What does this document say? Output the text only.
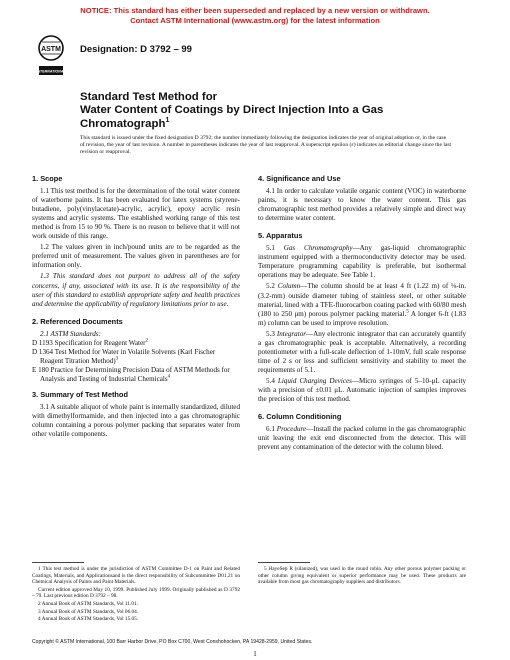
NOTICE: This standard has either been superseded and replaced by a new version or withdrawn.
Contact ASTM International (www.astm.org) for the latest information
ASTM
INTERNATIONAL
Designation: D 3792 – 99
Standard Test Method for
Water Content of Coatings by Direct Injection Into a Gas
Chromatograph$^1$
This standard is issued under the fixed designation D 3792; the number immediately following the designation indicates the year of original adoption or, in the case of revision, the year of last revision. A number in parentheses indicates the year of last reapproval. A superscript epsilon (ε) indicates an editorial change since the last revision or reapproval.
1. Scope

1.1 This test method is for the determination of the total water content of waterborne paints. It has been evaluated for latex systems (styrene-butadiene, poly(vinylacetate)-acrylic, acrylic), epoxy acrylic resin systems and acrylic systems. The established working range of this test method is from 15 to 90 %. There is no reason to believe that it will not work outside of this range.

1.2 The values given in inch/pound units are to be regarded as the preferred unit of measurement. The values given in parentheses are for information only.

1.3 This standard does not purport to address all of the safety concerns, if any, associated with its use. It is the responsibility of the user of this standard to establish appropriate safety and health practices and determine the applicability of regulatory limitations prior to use.

2. Referenced Documents

2.1 ASTM Standards:

D 1193 Specification for Reagent Water$^2$

D 1364 Test Method for Water in Volatile Solvents (Karl Fischer Reagent Titration Method)$^3$

E 180 Practice for Determining Precision Data of ASTM Methods for Analysis and Testing of Industrial Chemicals$^4$

3. Summary of Test Method

3.1 A suitable aliquot of whole paint is internally standardized, diluted with dimethylformamide, and then injected into a gas chromatographic column containing a porous polymer packing that separates water from other volatile components.

1 This test method is under the jurisdiction of ASTM Committee D-1 on Paint and Related Coatings, Materials, and Applicationsand is the direct responsibility of Subcommittee D01.21 on Chemical Analysis of Paints and Paint Materials.

Current edition approved May 10, 1999. Published July 1999. Originally published as D 3792 – 79. Last previous edition D 3792 – 98.

2 Annual Book of ASTM Standards, Vol 11.01.

3 Annual Book of ASTM Standards, Vol 06.04.

4 Annual Book of ASTM Standards, Vol 15.05.

4. Significance and Use

4.1 In order to calculate volatile organic content (VOC) in waterborne paints, it is necessary to know the water content. This gas chromatographic test method provides a relatively simple and direct way to determine water content.

5. Apparatus

5.1 Gas Chromatography—Any gas-liquid chromatographic instrument equipped with a thermoconductivity detector may be used. Temperature programming capability is preferable, but isothermal operations may be adequate. See Table 1.

5.2 Column—The column should be at least 4 ft (1.22 m) of ⅛-in. (3.2-mm) outside diameter tubing of stainless steel, or other suitable material, lined with a TFE-fluorocarbon coating packed with 60/80 mesh (180 to 250 μm) porous polymer packing material.$^5$ A longer 6-ft (1.83 m) column can be used to improve resolution.

5.3 Integrator—Any electronic integrator that can accurately quantify a gas chromatographic peak is acceptable. Alternatively, a recording potentiometer with a full-scale deflection of 1-10mV, full scale response time of 2 s or less and sufficient sensitivity and stability to meet the requirements of 5.1.

5.4 Liquid Charging Devices—Micro syringes of 5–10-μL capacity with a precision of ±0.01 μL. Automatic injection of samples improves the precision of this test method.

6. Column Conditioning

6.1 Procedure—Install the packed column in the gas chromatographic unit leaving the exit end disconnected from the detector. This will prevent any contamination of the detector with the column bleed.

5 HayeSep R (silanized), was used in the round robin. Any other porous polymer packing or other column giving equivalent or superior performance may be used. These products are available from most gas chromatography suppliers and distributors.

Copyright © ASTM International, 100 Barr Harbor Drive, PO Box C700, West Conshohocken, PA 19428-2959, United States.
1
